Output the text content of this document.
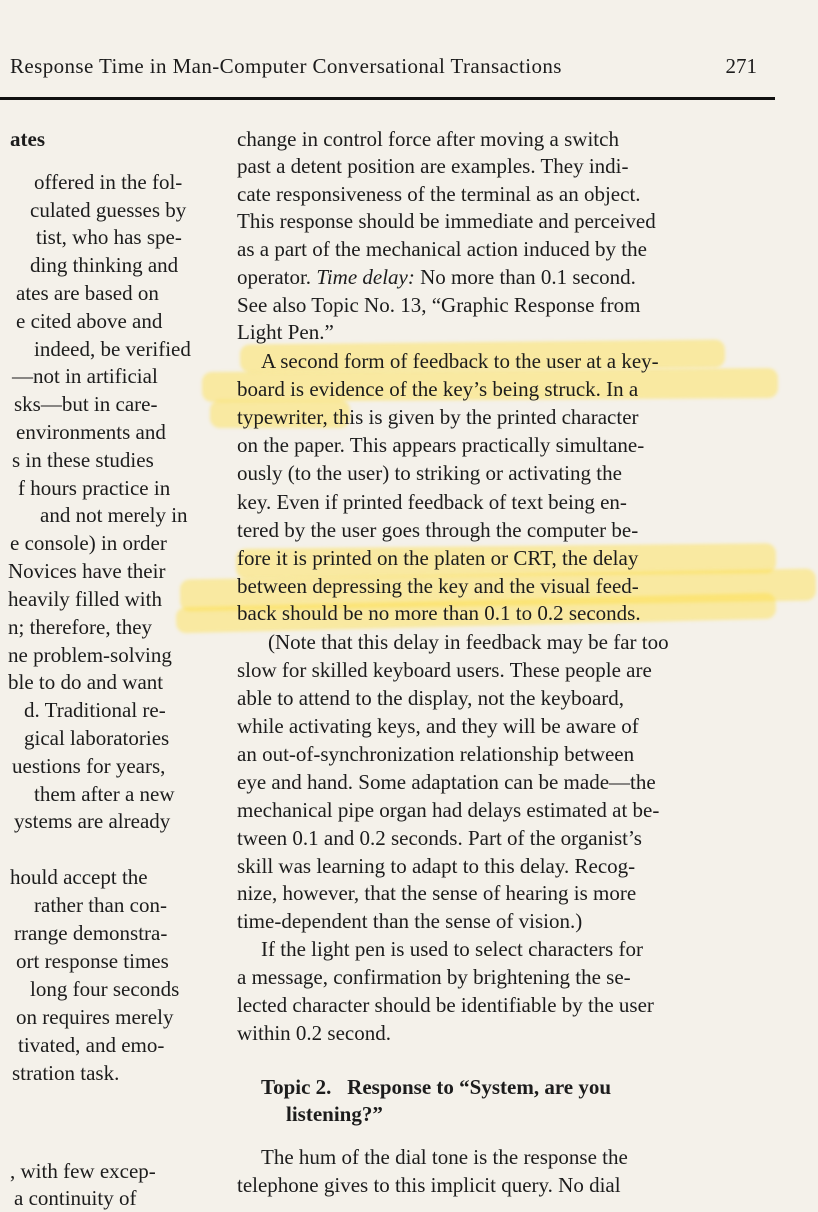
Response Time in Man-Computer Conversational Transactions	271
ates
offered in the fol-
culated guesses by
tist, who has spe-
ding thinking and
ates are based on
e cited above and
indeed, be verified
—not in artificial
sks—but in care-
environments and
s in these studies
f hours practice in
and not merely in
e console) in order
Novices have their
heavily filled with
n; therefore, they
ne problem-solving
ble to do and want
d. Traditional re-
gical laboratories
uestions for years,
them after a new
ystems are already
hould accept the
rather than con-
rrange demonstra-
ort response times
long four seconds
on requires merely
tivated, and emo-
stration task.
, with few excep-
a continuity of
change in control force after moving a switch
past a detent position are examples. They indi-
cate responsiveness of the terminal as an object.
This response should be immediate and perceived
as a part of the mechanical action induced by the
operator. Time delay: No more than 0.1 second.
See also Topic No. 13, “Graphic Response from
Light Pen.”
A second form of feedback to the user at a key-
board is evidence of the key’s being struck. In a
typewriter, this is given by the printed character
on the paper. This appears practically simultane-
ously (to the user) to striking or activating the
key. Even if printed feedback of text being en-
tered by the user goes through the computer be-
fore it is printed on the platen or CRT, the delay
between depressing the key and the visual feed-
back should be no more than 0.1 to 0.2 seconds.
(Note that this delay in feedback may be far too
slow for skilled keyboard users. These people are
able to attend to the display, not the keyboard,
while activating keys, and they will be aware of
an out-of-synchronization relationship between
eye and hand. Some adaptation can be made—the
mechanical pipe organ had delays estimated at be-
tween 0.1 and 0.2 seconds. Part of the organist’s
skill was learning to adapt to this delay. Recog-
nize, however, that the sense of hearing is more
time-dependent than the sense of vision.)
If the light pen is used to select characters for
a message, confirmation by brightening the se-
lected character should be identifiable by the user
within 0.2 second.
Topic 2.   Response to “System, are you
listening?”
The hum of the dial tone is the response the
telephone gives to this implicit query. No dial
